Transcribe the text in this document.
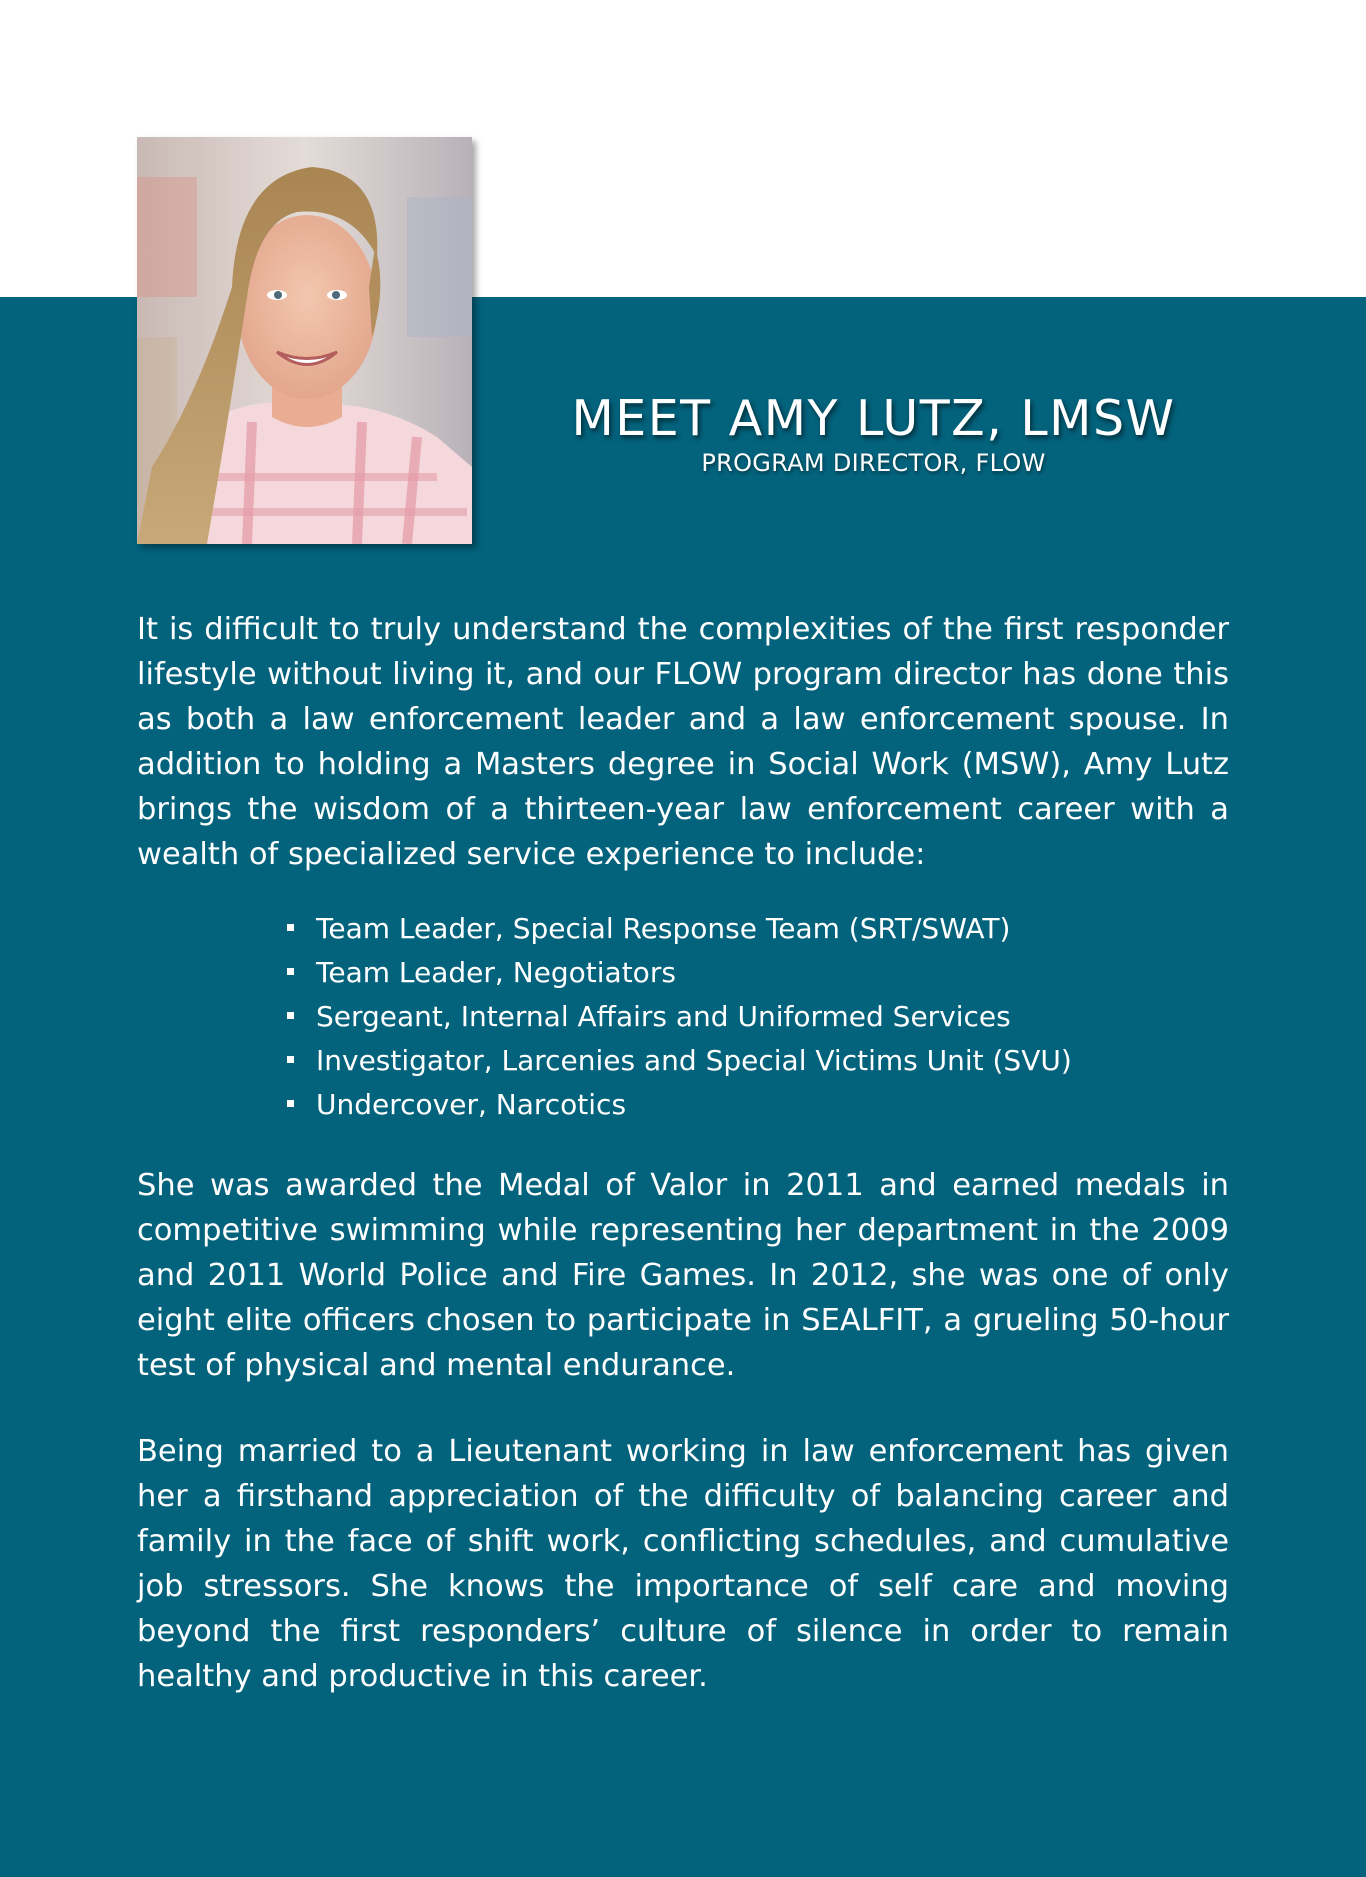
MEET AMY LUTZ, LMSW
PROGRAM DIRECTOR, FLOW

It is difficult to truly understand the complexities of the first responder lifestyle without living it, and our FLOW program director has done this as both a law enforcement leader and a law enforcement spouse. In addition to holding a Masters degree in Social Work (MSW), Amy Lutz brings the wisdom of a thirteen-year law enforcement career with a wealth of specialized service experience to include:

Team Leader, Special Response Team (SRT/SWAT)
Team Leader, Negotiators
Sergeant, Internal Affairs and Uniformed Services
Investigator, Larcenies and Special Victims Unit (SVU)
Undercover, Narcotics

She was awarded the Medal of Valor in 2011 and earned medals in competitive swimming while representing her department in the 2009 and 2011 World Police and Fire Games. In 2012, she was one of only eight elite officers chosen to participate in SEALFIT, a grueling 50-hour test of physical and mental endurance.

Being married to a Lieutenant working in law enforcement has given her a firsthand appreciation of the difficulty of balancing career and family in the face of shift work, conflicting schedules, and cumulative job stressors. She knows the importance of self care and moving beyond the first responders’ culture of silence in order to remain healthy and productive in this career.
